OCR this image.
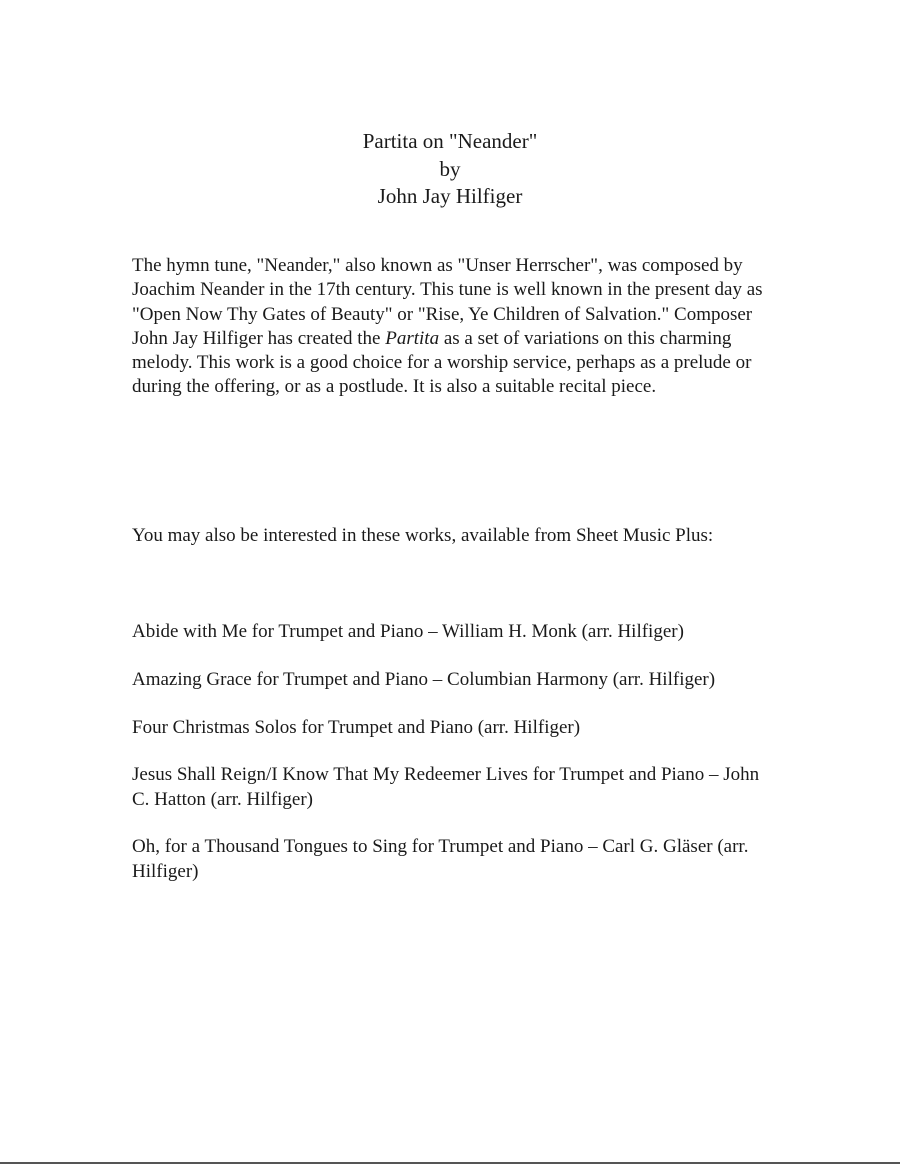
Partita on "Neander"
by
John Jay Hilfiger

The hymn tune, "Neander," also known as "Unser Herrscher", was composed by Joachim Neander in the 17th century. This tune is well known in the present day as "Open Now Thy Gates of Beauty" or "Rise, Ye Children of Salvation." Composer John Jay Hilfiger has created the Partita as a set of variations on this charming melody. This work is a good choice for a worship service, perhaps as a prelude or during the offering, or as a postlude. It is also a suitable recital piece.

You may also be interested in these works, available from Sheet Music Plus:

Abide with Me for Trumpet and Piano – William H. Monk (arr. Hilfiger)
Amazing Grace for Trumpet and Piano – Columbian Harmony (arr. Hilfiger)
Four Christmas Solos for Trumpet and Piano (arr. Hilfiger)
Jesus Shall Reign/I Know That My Redeemer Lives for Trumpet and Piano – John C. Hatton (arr. Hilfiger)
Oh, for a Thousand Tongues to Sing for Trumpet and Piano – Carl G. Gläser (arr. Hilfiger)
